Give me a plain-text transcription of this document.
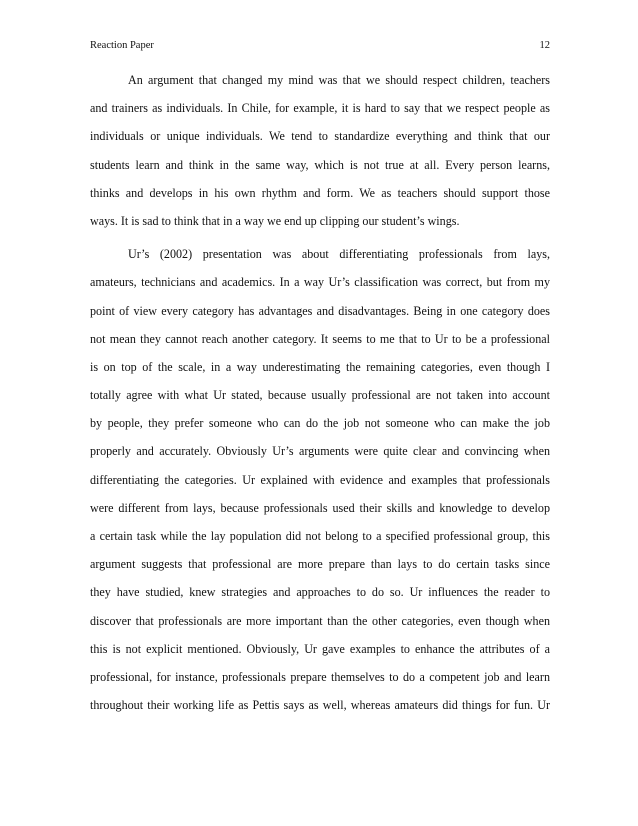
Reaction Paper	12
An argument that changed my mind was that we should respect children, teachers
and trainers as individuals. In Chile, for example, it is hard to say that we respect people as
individuals or unique individuals. We tend to standardize everything and think that our
students learn and think in the same way, which is not true at all. Every person learns,
thinks and develops in his own rhythm and form. We as teachers should support those
ways. It is sad to think that in a way we end up clipping our student’s wings.
Ur’s (2002) presentation was about differentiating professionals from lays,
amateurs, technicians and academics. In a way Ur’s classification was correct, but from my
point of view every category has advantages and disadvantages. Being in one category does
not mean they cannot reach another category. It seems to me that to Ur to be a professional
is on top of the scale, in a way underestimating the remaining categories, even though I
totally agree with what Ur stated, because usually professional are not taken into account
by people, they prefer someone who can do the job not someone who can make the job
properly and accurately. Obviously Ur’s arguments were quite clear and convincing when
differentiating the categories. Ur explained with evidence and examples that professionals
were different from lays, because professionals used their skills and knowledge to develop
a certain task while the lay population did not belong to a specified professional group, this
argument suggests that professional are more prepare than lays to do certain tasks since
they have studied, knew strategies and approaches to do so. Ur influences the reader to
discover that professionals are more important than the other categories, even though when
this is not explicit mentioned. Obviously, Ur gave examples to enhance the attributes of a
professional, for instance, professionals prepare themselves to do a competent job and learn
throughout their working life as Pettis says as well, whereas amateurs did things for fun. Ur
